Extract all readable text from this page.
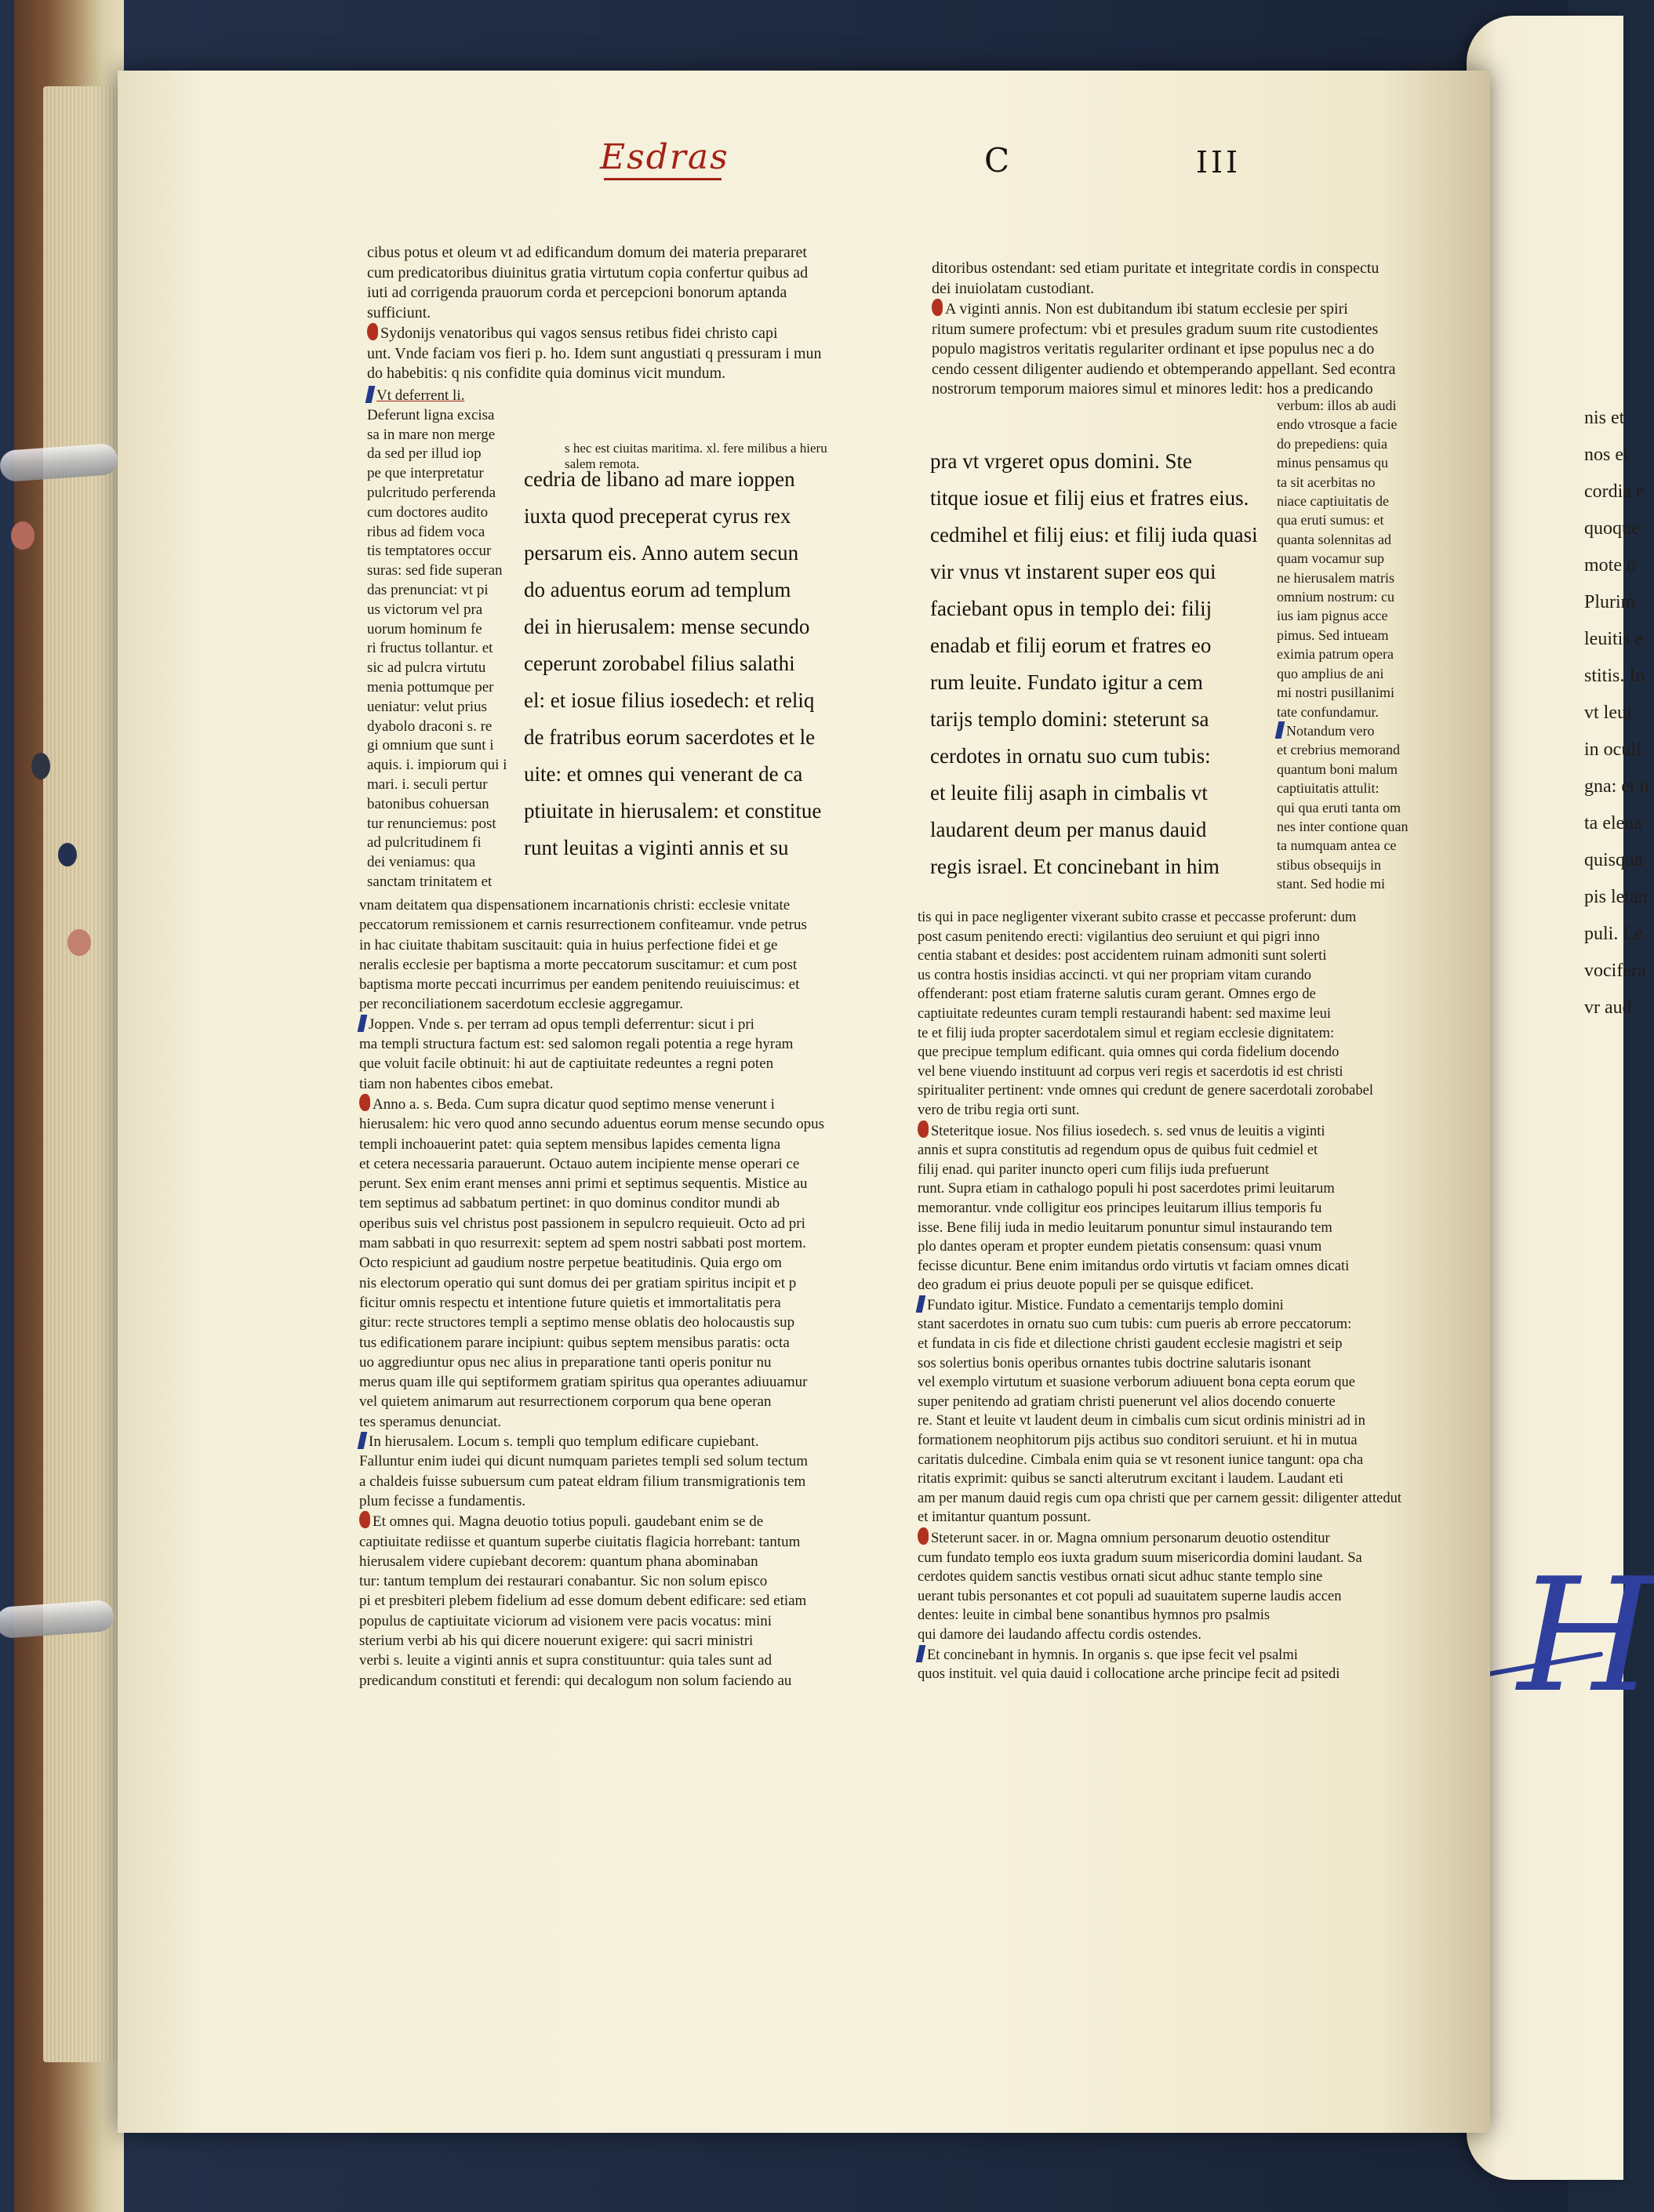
nis et

nos et

cordia e

quoque

mote n

Plurim

leuitis e

stitis. In

vt leui

in oculi

gna: et n

ta eleua

quisqua

pis letan

puli. Le

vocifera

vr aud

H
Esdras	C	III

cibus potus et oleum vt ad edificandum domum dei materia prepararet

cum predicatoribus diuinitus gratia virtutum copia confertur quibus ad

iuti ad corrigenda prauorum corda et percepcioni bonorum aptanda

sufficiunt.

Sydonijs venatoribus qui vagos sensus retibus fidei christo capi

unt. Vnde faciam vos fieri p. ho. Idem sunt angustiati q pressuram i mun

do habebitis: q nis confidite quia dominus vicit mundum.

Vt deferrent li.

Deferunt ligna excisa

sa in mare non merge

da sed per illud iop

pe que interpretatur

pulcritudo perferenda

cum doctores audito

ribus ad fidem voca

tis temptatores occur

suras: sed fide superan

das prenunciat: vt pi

us victorum vel pra

uorum hominum fe

ri fructus tollantur. et

sic ad pulcra virtutu

menia pottumque per

ueniatur: velut prius

dyabolo draconi s. re

gi omnium que sunt i

aquis. i. impiorum qui i

mari. i. seculi pertur

batonibus cohuersan

tur renunciemus: post

ad pulcritudinem fi

dei veniamus: qua

sanctam trinitatem et

s hec est ciuitas maritima. xl. fere milibus a hieru

salem remota.

cedria de libano ad mare ioppen

iuxta quod preceperat cyrus rex

persarum eis. Anno autem secun

do aduentus eorum ad templum

dei in hierusalem: mense secundo

ceperunt zorobabel filius salathi

el: et iosue filius iosedech: et reliq

de fratribus eorum sacerdotes et le

uite: et omnes qui venerant de ca

ptiuitate in hierusalem: et constitue

runt leuitas a viginti annis et su

vnam deitatem qua dispensationem incarnationis christi: ecclesie vnitate

peccatorum remissionem et carnis resurrectionem confiteamur. vnde petrus

in hac ciuitate thabitam suscitauit: quia in huius perfectione fidei et ge

neralis ecclesie per baptisma a morte peccatorum suscitamur: et cum post

baptisma morte peccati incurrimus per eandem penitendo reuiuiscimus: et

per reconciliationem sacerdotum ecclesie aggregamur.

Joppen. Vnde s. per terram ad opus templi deferrentur: sicut i pri

ma templi structura factum est: sed salomon regali potentia a rege hyram

que voluit facile obtinuit: hi aut de captiuitate redeuntes a regni poten

tiam non habentes cibos emebat.

Anno a. s. Beda. Cum supra dicatur quod septimo mense venerunt i

hierusalem: hic vero quod anno secundo aduentus eorum mense secundo opus

templi inchoauerint patet: quia septem mensibus lapides cementa ligna

et cetera necessaria parauerunt. Octauo autem incipiente mense operari ce

perunt. Sex enim erant menses anni primi et septimus sequentis. Mistice au

tem septimus ad sabbatum pertinet: in quo dominus conditor mundi ab

operibus suis vel christus post passionem in sepulcro requieuit. Octo ad pri

mam sabbati in quo resurrexit: septem ad spem nostri sabbati post mortem.

Octo respiciunt ad gaudium nostre perpetue beatitudinis. Quia ergo om

nis electorum operatio qui sunt domus dei per gratiam spiritus incipit et p

ficitur omnis respectu et intentione future quietis et immortalitatis pera

gitur: recte structores templi a septimo mense oblatis deo holocaustis sup

tus edificationem parare incipiunt: quibus septem mensibus paratis: octa

uo aggrediuntur opus nec alius in preparatione tanti operis ponitur nu

merus quam ille qui septiformem gratiam spiritus qua operantes adiuuamur

vel quietem animarum aut resurrectionem corporum qua bene operan

tes speramus denunciat.

In hierusalem. Locum s. templi quo templum edificare cupiebant.

Falluntur enim iudei qui dicunt numquam parietes templi sed solum tectum

a chaldeis fuisse subuersum cum pateat eldram filium transmigrationis tem

plum fecisse a fundamentis.

Et omnes qui. Magna deuotio totius populi. gaudebant enim se de

captiuitate rediisse et quantum superbe ciuitatis flagicia horrebant: tantum

hierusalem videre cupiebant decorem: quantum phana abominaban

tur: tantum templum dei restaurari conabantur. Sic non solum episco

pi et presbiteri plebem fidelium ad esse domum debent edificare: sed etiam

populus de captiuitate viciorum ad visionem vere pacis vocatus: mini

sterium verbi ab his qui dicere nouerunt exigere: qui sacri ministri

verbi s. leuite a viginti annis et supra constituuntur: quia tales sunt ad

predicandum constituti et ferendi: qui decalogum non solum faciendo au

ditoribus ostendant: sed etiam puritate et integritate cordis in conspectu

dei inuiolatam custodiant.

A viginti annis. Non est dubitandum ibi statum ecclesie per spiri

ritum sumere profectum: vbi et presules gradum suum rite custodientes

populo magistros veritatis regulariter ordinant et ipse populus nec a do

cendo cessent diligenter audiendo et obtemperando appellant. Sed econtra

nostrorum temporum maiores simul et minores ledit: hos a predicando

pra vt vrgeret opus domini. Ste

titque iosue et filij eius et fratres eius.

cedmihel et filij eius: et filij iuda quasi

vir vnus vt instarent super eos qui

faciebant opus in templo dei: filij

enadab et filij eorum et fratres eo

rum leuite. Fundato igitur a cem

tarijs templo domini: steterunt sa

cerdotes in ornatu suo cum tubis:

et leuite filij asaph in cimbalis vt

laudarent deum per manus dauid

regis israel. Et concinebant in him

verbum: illos ab audi

endo vtrosque a facie

do prepediens: quia

minus pensamus qu

ta sit acerbitas no

niace captiuitatis de

qua eruti sumus: et

quanta solennitas ad

quam vocamur sup

ne hierusalem matris

omnium nostrum: cu

ius iam pignus acce

pimus. Sed intueam

eximia patrum opera

quo amplius de ani

mi nostri pusillanimi

tate confundamur.

Notandum vero

et crebrius memorand

quantum boni malum

captiuitatis attulit:

qui qua eruti tanta om

nes inter contione quan

ta numquam antea ce

stibus obsequijs in

stant. Sed hodie mi

tis qui in pace negligenter vixerant subito crasse et peccasse proferunt: dum

post casum penitendo erecti: vigilantius deo seruiunt et qui pigri inno

centia stabant et desides: post accidentem ruinam admoniti sunt solerti

us contra hostis insidias accincti. vt qui ner propriam vitam curando

offenderant: post etiam fraterne salutis curam gerant. Omnes ergo de

captiuitate redeuntes curam templi restaurandi habent: sed maxime leui

te et filij iuda propter sacerdotalem simul et regiam ecclesie dignitatem:

que precipue templum edificant. quia omnes qui corda fidelium docendo

vel bene viuendo instituunt ad corpus veri regis et sacerdotis id est christi

spiritualiter pertinent: vnde omnes qui credunt de genere sacerdotali zorobabel

vero de tribu regia orti sunt.

Steteritque iosue. Nos filius iosedech. s. sed vnus de leuitis a viginti

annis et supra constitutis ad regendum opus de quibus fuit cedmiel et

filij enad. qui pariter inuncto operi cum filijs iuda prefuerunt

runt. Supra etiam in cathalogo populi hi post sacerdotes primi leuitarum

memorantur. vnde colligitur eos principes leuitarum illius temporis fu

isse. Bene filij iuda in medio leuitarum ponuntur simul instaurando tem

plo dantes operam et propter eundem pietatis consensum: quasi vnum

fecisse dicuntur. Bene enim imitandus ordo virtutis vt faciam omnes dicati

deo gradum ei prius deuote populi per se quisque edificet.

Fundato igitur. Mistice. Fundato a cementarijs templo domini

stant sacerdotes in ornatu suo cum tubis: cum pueris ab errore peccatorum:

et fundata in cis fide et dilectione christi gaudent ecclesie magistri et seip

sos solertius bonis operibus ornantes tubis doctrine salutaris isonant

vel exemplo virtutum et suasione verborum adiuuent bona cepta eorum que

super penitendo ad gratiam christi puenerunt vel alios docendo conuerte

re. Stant et leuite vt laudent deum in cimbalis cum sicut ordinis ministri ad in

formationem neophitorum pijs actibus suo conditori seruiunt. et hi in mutua

caritatis dulcedine. Cimbala enim quia se vt resonent iunice tangunt: opa cha

ritatis exprimit: quibus se sancti alterutrum excitant i laudem. Laudant eti

am per manum dauid regis cum opa christi que per carnem gessit: diligenter attedut

et imitantur quantum possunt.

Steterunt sacer. in or. Magna omnium personarum deuotio ostenditur

cum fundato templo eos iuxta gradum suum misericordia domini laudant. Sa

cerdotes quidem sanctis vestibus ornati sicut adhuc stante templo sine

uerant tubis personantes et cot populi ad suauitatem superne laudis accen

dentes: leuite in cimbal bene sonantibus hymnos pro psalmis

qui damore dei laudando affectu cordis ostendes.

Et concinebant in hymnis. In organis s. que ipse fecit vel psalmi

quos instituit. vel quia dauid i collocatione arche principe fecit ad psitedi
